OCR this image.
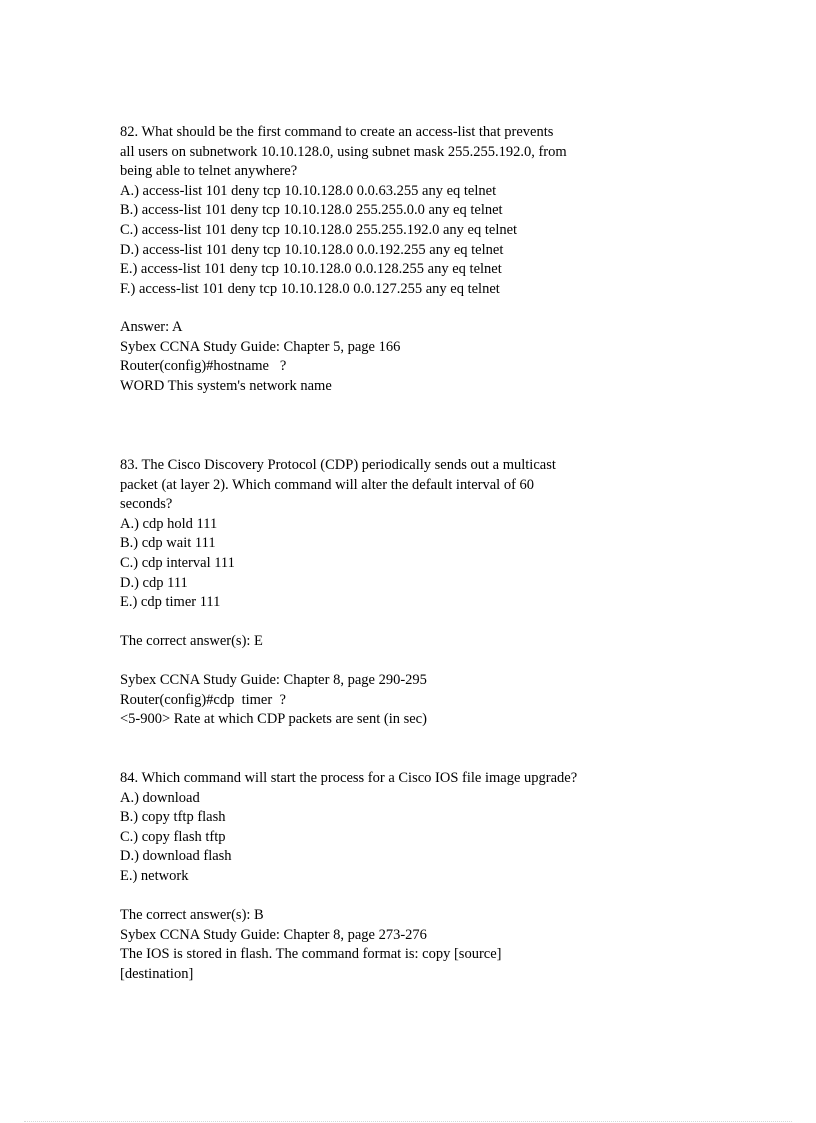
82. What should be the first command to create an access-list that prevents
all users on subnetwork 10.10.128.0, using subnet mask 255.255.192.0, from
being able to telnet anywhere?
A.) access-list 101 deny tcp 10.10.128.0 0.0.63.255 any eq telnet
B.) access-list 101 deny tcp 10.10.128.0 255.255.0.0 any eq telnet
C.) access-list 101 deny tcp 10.10.128.0 255.255.192.0 any eq telnet
D.) access-list 101 deny tcp 10.10.128.0 0.0.192.255 any eq telnet
E.) access-list 101 deny tcp 10.10.128.0 0.0.128.255 any eq telnet
F.) access-list 101 deny tcp 10.10.128.0 0.0.127.255 any eq telnet
Answer: A
Sybex CCNA Study Guide: Chapter 5, page 166
Router(config)#hostname   ?
WORD This system's network name
83. The Cisco Discovery Protocol (CDP) periodically sends out a multicast
packet (at layer 2). Which command will alter the default interval of 60
seconds?
A.) cdp hold 111
B.) cdp wait 111
C.) cdp interval 111
D.) cdp 111
E.) cdp timer 111
The correct answer(s): E
Sybex CCNA Study Guide: Chapter 8, page 290-295
Router(config)#cdp  timer  ?
<5-900> Rate at which CDP packets are sent (in sec)
84. Which command will start the process for a Cisco IOS file image upgrade?
A.) download
B.) copy tftp flash
C.) copy flash tftp
D.) download flash
E.) network
The correct answer(s): B
Sybex CCNA Study Guide: Chapter 8, page 273-276
The IOS is stored in flash. The command format is: copy [source]
[destination]
